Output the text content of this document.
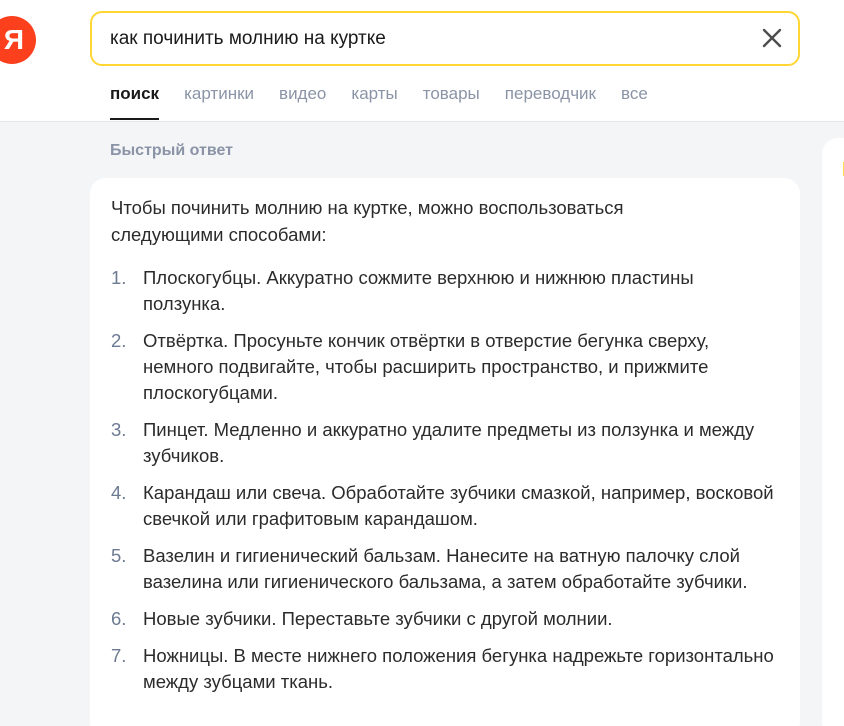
Я
как починить молнию на куртке
поиск картинки видео карты товары переводчик все
Быстрый ответ

Чтобы починить молнию на куртке, можно воспользоваться следующими способами:

1. Плоскогубцы. Аккуратно сожмите верхнюю и нижнюю пластины ползунка.
2. Отвёртка. Просуньте кончик отвёртки в отверстие бегунка сверху, немного подвигайте, чтобы расширить пространство, и прижмите плоскогубцами.
3. Пинцет. Медленно и аккуратно удалите предметы из ползунка и между зубчиков.
4. Карандаш или свеча. Обработайте зубчики смазкой, например, восковой свечкой или графитовым карандашом.
5. Вазелин и гигиенический бальзам. Нанесите на ватную палочку слой вазелина или гигиенического бальзама, а затем обработайте зубчики.
6. Новые зубчики. Переставьте зубчики с другой молнии.
7. Ножницы. В месте нижнего положения бегунка надрежьте горизонтально между зубцами ткань.
